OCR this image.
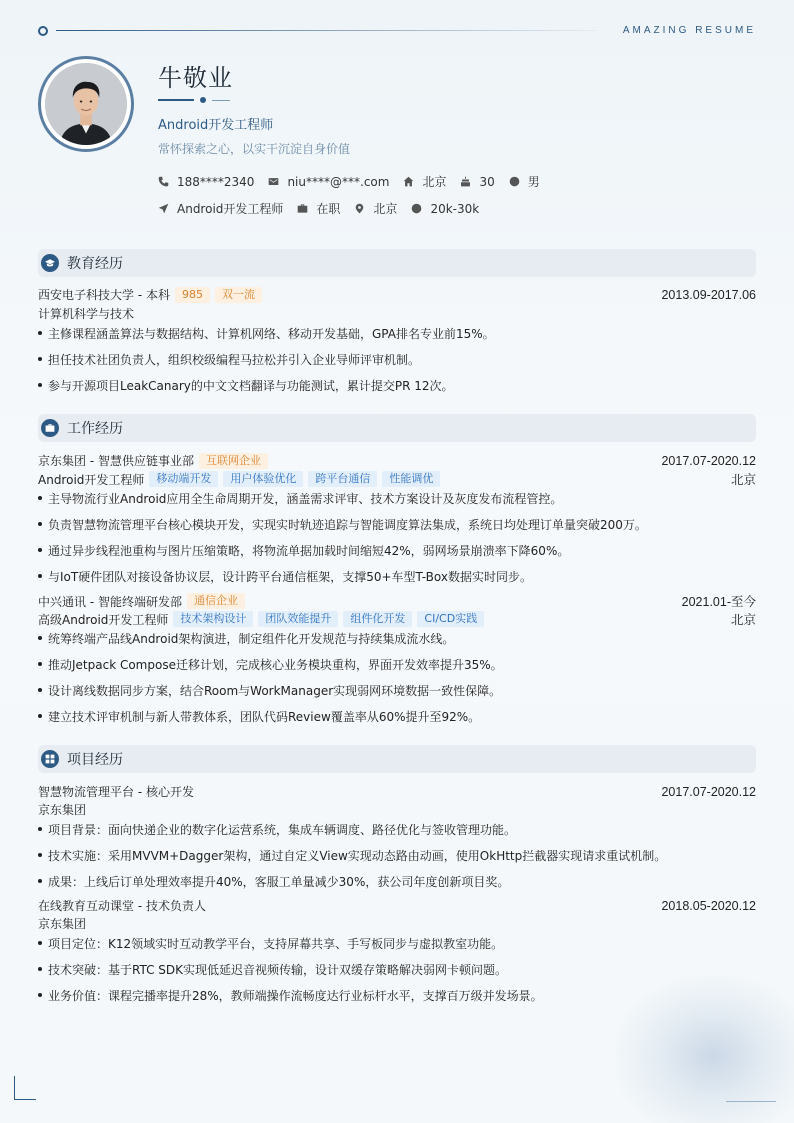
AMAZING RESUME
牛敬业
Android开发工程师
常怀探索之心，以实干沉淀自身价值
188****2340	niu****@***.com	北京	30	男
Android开发工程师	在职	北京	20k-30k
教育经历
西安电子科技大学 - 本科	985	双一流	2013.09-2017.06
计算机科学与技术
主修课程涵盖算法与数据结构、计算机网络、移动开发基础，GPA排名专业前15%。
担任技术社团负责人，组织校级编程马拉松并引入企业导师评审机制。
参与开源项目LeakCanary的中文文档翻译与功能测试，累计提交PR 12次。
工作经历
京东集团 - 智慧供应链事业部	互联网企业	2017.07-2020.12
Android开发工程师	移动端开发	用户体验优化	跨平台通信	性能调优	北京
主导物流行业Android应用全生命周期开发，涵盖需求评审、技术方案设计及灰度发布流程管控。
负责智慧物流管理平台核心模块开发，实现实时轨迹追踪与智能调度算法集成，系统日均处理订单量突破200万。
通过异步线程池重构与图片压缩策略，将物流单据加载时间缩短42%，弱网场景崩溃率下降60%。
与IoT硬件团队对接设备协议层，设计跨平台通信框架，支撑50+车型T-Box数据实时同步。
中兴通讯 - 智能终端研发部	通信企业	2021.01-至今
高级Android开发工程师	技术架构设计	团队效能提升	组件化开发	CI/CD实践	北京
统筹终端产品线Android架构演进，制定组件化开发规范与持续集成流水线。
推动Jetpack Compose迁移计划，完成核心业务模块重构，界面开发效率提升35%。
设计离线数据同步方案，结合Room与WorkManager实现弱网环境数据一致性保障。
建立技术评审机制与新人带教体系，团队代码Review覆盖率从60%提升至92%。
项目经历
智慧物流管理平台 - 核心开发	2017.07-2020.12
京东集团
项目背景：面向快递企业的数字化运营系统，集成车辆调度、路径优化与签收管理功能。
技术实施：采用MVVM+Dagger架构，通过自定义View实现动态路由动画，使用OkHttp拦截器实现请求重试机制。
成果：上线后订单处理效率提升40%，客服工单量减少30%，获公司年度创新项目奖。
在线教育互动课堂 - 技术负责人	2018.05-2020.12
京东集团
项目定位：K12领域实时互动教学平台，支持屏幕共享、手写板同步与虚拟教室功能。
技术突破：基于RTC SDK实现低延迟音视频传输，设计双缓存策略解决弱网卡顿问题。
业务价值：课程完播率提升28%，教师端操作流畅度达行业标杆水平，支撑百万级并发场景。
